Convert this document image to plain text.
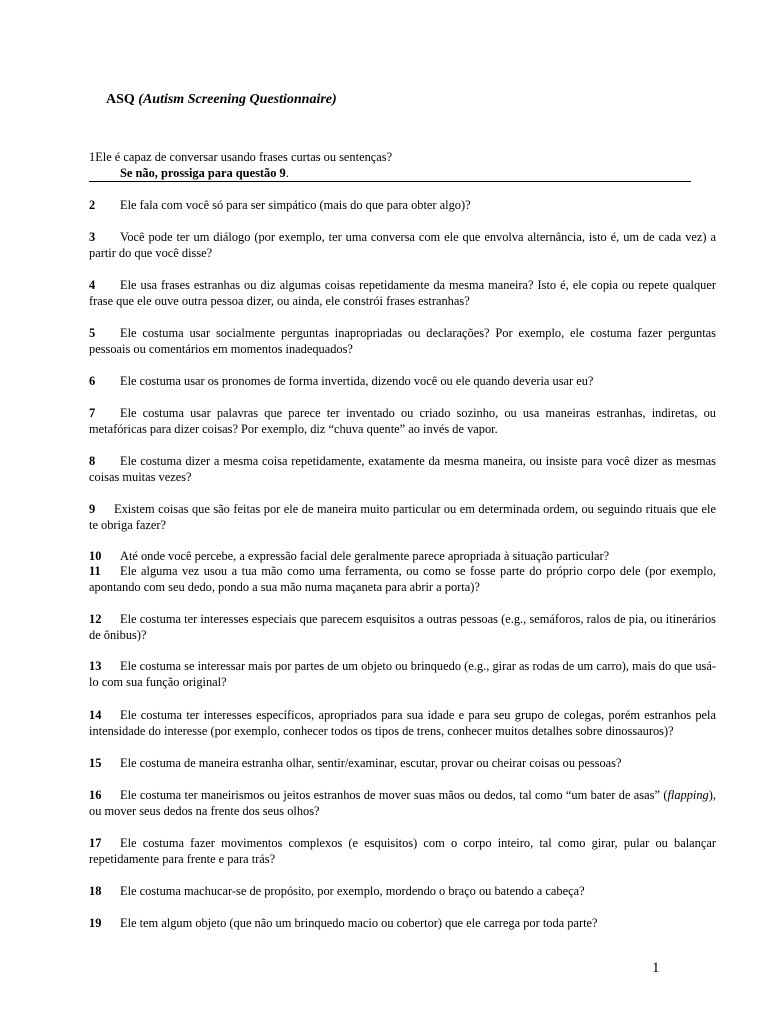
ASQ (Autism Screening Questionnaire)
1Ele é capaz de conversar usando frases curtas ou sentenças?
Se não, prossiga para questão 9.
2 Ele fala com você só para ser simpático (mais do que para obter algo)?
3 Você pode ter um diálogo (por exemplo, ter uma conversa com ele que envolva alternância, isto é, um de cada vez) a partir do que você disse?
4 Ele usa frases estranhas ou diz algumas coisas repetidamente da mesma maneira? Isto é, ele copia ou repete qualquer frase que ele ouve outra pessoa dizer, ou ainda, ele constrói frases estranhas?
5 Ele costuma usar socialmente perguntas inapropriadas ou declarações? Por exemplo, ele costuma fazer perguntas pessoais ou comentários em momentos inadequados?
6 Ele costuma usar os pronomes de forma invertida, dizendo você ou ele quando deveria usar eu?
7 Ele costuma usar palavras que parece ter inventado ou criado sozinho, ou usa maneiras estranhas, indiretas, ou metafóricas para dizer coisas? Por exemplo, diz “chuva quente” ao invés de vapor.
8 Ele costuma dizer a mesma coisa repetidamente, exatamente da mesma maneira, ou insiste para você dizer as mesmas coisas muitas vezes?
9 Existem coisas que são feitas por ele de maneira muito particular ou em determinada ordem, ou seguindo rituais que ele te obriga fazer?
10 Até onde você percebe, a expressão facial dele geralmente parece apropriada à situação particular?
11 Ele alguma vez usou a tua mão como uma ferramenta, ou como se fosse parte do próprio corpo dele (por exemplo, apontando com seu dedo, pondo a sua mão numa maçaneta para abrir a porta)?
12 Ele costuma ter interesses especiais que parecem esquisitos a outras pessoas (e.g., semáforos, ralos de pia, ou itinerários de ônibus)?
13 Ele costuma se interessar mais por partes de um objeto ou brinquedo (e.g., girar as rodas de um carro), mais do que usá-lo com sua função original?
14 Ele costuma ter interesses específicos, apropriados para sua idade e para seu grupo de colegas, porém estranhos pela intensidade do interesse (por exemplo, conhecer todos os tipos de trens, conhecer muitos detalhes sobre dinossauros)?
15 Ele costuma de maneira estranha olhar, sentir/examinar, escutar, provar ou cheirar coisas ou pessoas?
16 Ele costuma ter maneirismos ou jeitos estranhos de mover suas mãos ou dedos, tal como “um bater de asas” (flapping), ou mover seus dedos na frente dos seus olhos?
17 Ele costuma fazer movimentos complexos (e esquisitos) com o corpo inteiro, tal como girar, pular ou balançar repetidamente para frente e para trás?
18 Ele costuma machucar-se de propósito, por exemplo, mordendo o braço ou batendo a cabeça?
19 Ele tem algum objeto (que não um brinquedo macio ou cobertor) que ele carrega por toda parte?
1
